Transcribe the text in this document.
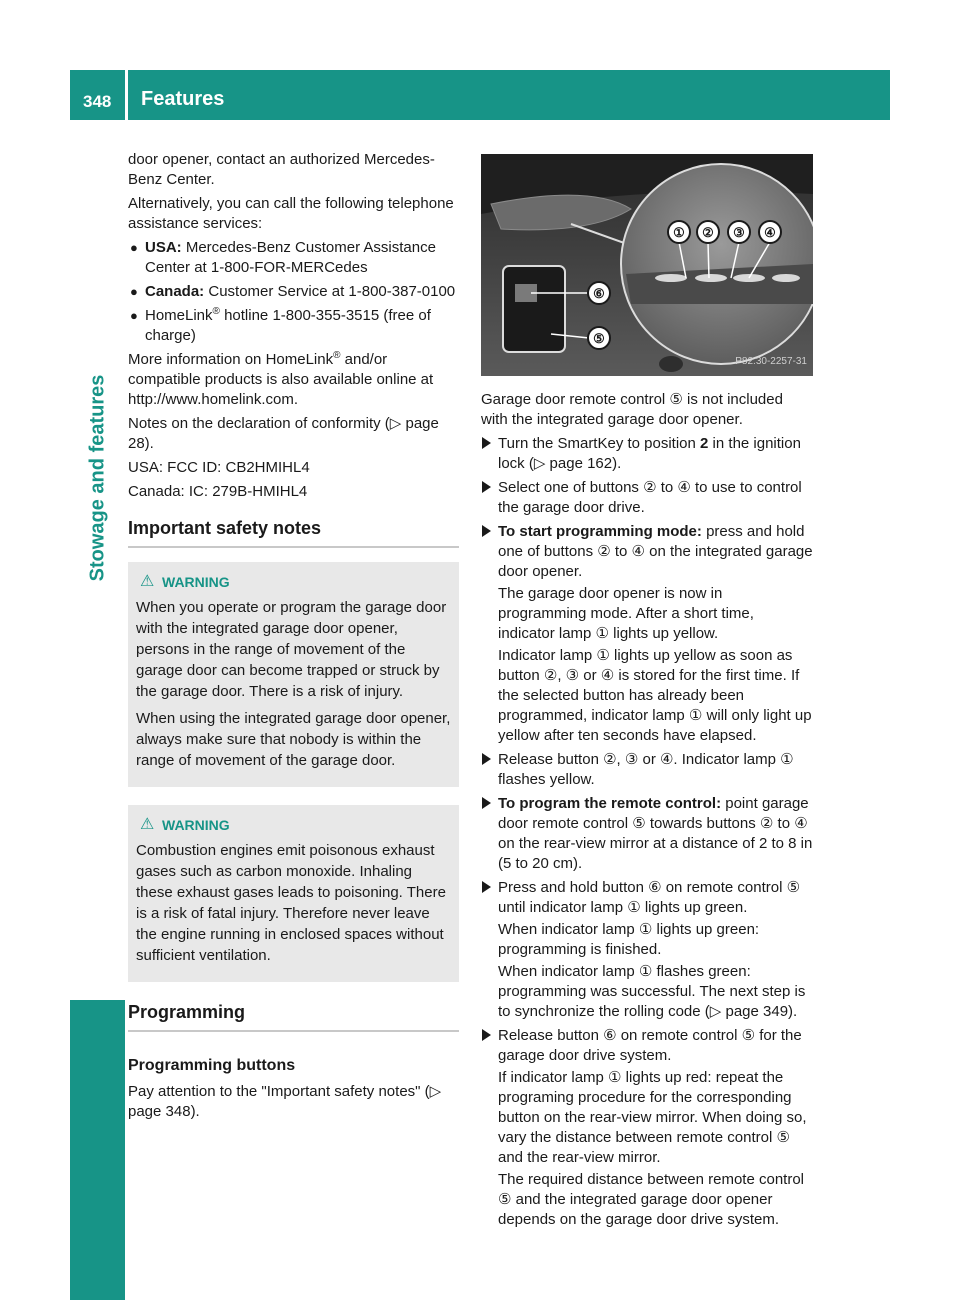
348 Features
Stowage and features

door opener, contact an authorized Mercedes-Benz Center.

Alternatively, you can call the following telephone assistance services:

● USA: Mercedes-Benz Customer Assistance Center at 1-800-FOR-MERCedes
● Canada: Customer Service at 1-800-387-0100
● HomeLink® hotline 1-800-355-3515 (free of charge)

More information on HomeLink® and/or compatible products is also available online at http://www.homelink.com.

Notes on the declaration of conformity (▷ page 28).

USA: FCC ID: CB2HMIHL4

Canada: IC: 279B-HMIHL4

Important safety notes
⚠ WARNING

When you operate or program the garage door with the integrated garage door opener, persons in the range of movement of the garage door can become trapped or struck by the garage door. There is a risk of injury.

When using the integrated garage door opener, always make sure that nobody is within the range of movement of the garage door.

⚠ WARNING

Combustion engines emit poisonous exhaust gases such as carbon monoxide. Inhaling these exhaust gases leads to poisoning. There is a risk of fatal injury. Therefore never leave the engine running in enclosed spaces without sufficient ventilation.

Programming
Programming buttons

Pay attention to the "Important safety notes" (▷ page 348).

① ② ③ ④
⑥
⑤
P82.30-2257-31

Garage door remote control ⑤ is not included with the integrated garage door opener.

Turn the SmartKey to position 2 in the ignition lock (▷ page 162).
Select one of buttons ② to ④ to use to control the garage door drive.
To start programming mode: press and hold one of buttons ② to ④ on the integrated garage door opener.
The garage door opener is now in programming mode. After a short time, indicator lamp ① lights up yellow.
Indicator lamp ① lights up yellow as soon as button ②, ③ or ④ is stored for the first time. If the selected button has already been programmed, indicator lamp ① will only light up yellow after ten seconds have elapsed.
Release button ②, ③ or ④. Indicator lamp ① flashes yellow.
To program the remote control: point garage door remote control ⑤ towards buttons ② to ④ on the rear-view mirror at a distance of 2 to 8 in (5 to 20 cm).
Press and hold button ⑥ on remote control ⑤ until indicator lamp ① lights up green.
When indicator lamp ① lights up green: programming is finished.
When indicator lamp ① flashes green: programming was successful. The next step is to synchronize the rolling code (▷ page 349).
Release button ⑥ on remote control ⑤ for the garage door drive system.
If indicator lamp ① lights up red: repeat the programing procedure for the corresponding button on the rear-view mirror. When doing so, vary the distance between remote control ⑤ and the rear-view mirror.
The required distance between remote control ⑤ and the integrated garage door opener depends on the garage door drive system.
